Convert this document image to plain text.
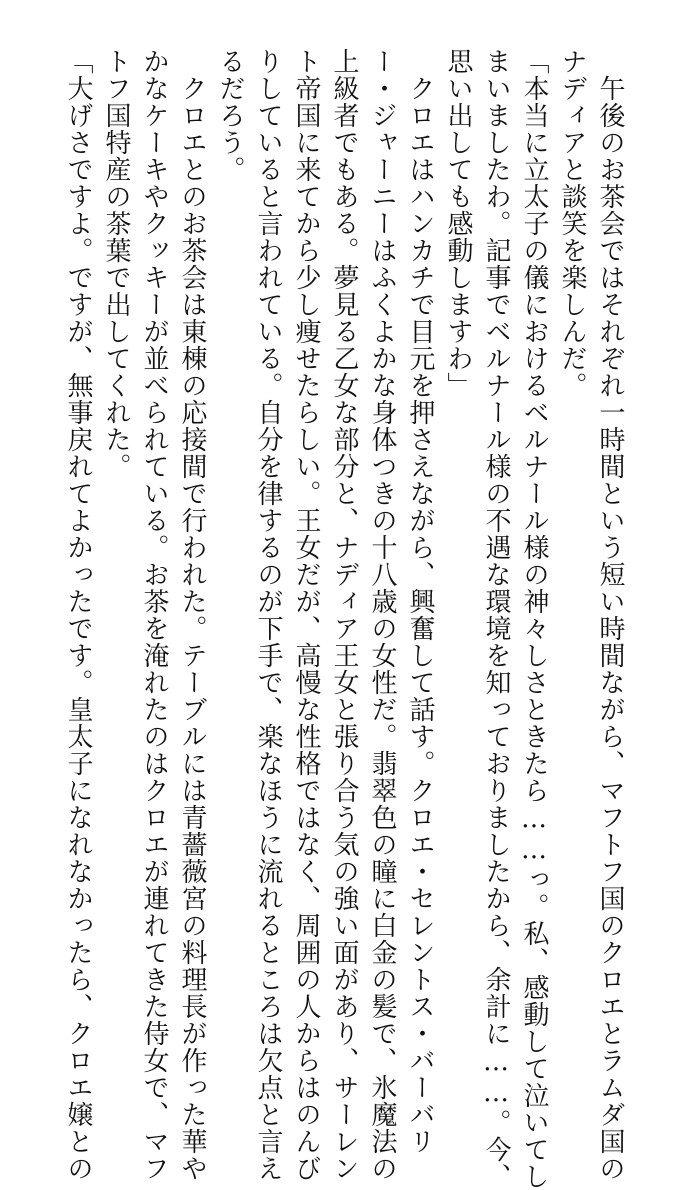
　午後のお茶会ではそれぞれ一時間という短い時間ながら、マフトフ国のクロエとラムダ国の
ナディアと談笑を楽しんだ。
「本当に立太子の儀におけるベルナール様の神々しさときたら……っ。私、感動して泣いてし
まいましたわ。記事でベルナール様の不遇な環境を知っておりましたから、余計に……。今、
思い出しても感動しますわ」
　クロエはハンカチで目元を押さえながら、興奮して話す。クロエ・セレントス・バーバリ
ー・ジャーニーはふくよかな身体つきの十八歳の女性だ。翡翠色の瞳に白金の髪で、氷魔法の
上級者でもある。夢見る乙女な部分と、ナディア王女と張り合う気の強い面があり、サーレン
ト帝国に来てから少し痩せたらしい。王女だが、高慢な性格ではなく、周囲の人からはのんび
りしていると言われている。自分を律するのが下手で、楽なほうに流れるところは欠点と言え
るだろう。
　クロエとのお茶会は東棟の応接間で行われた。テーブルには青薔薇宮の料理長が作った華や
かなケーキやクッキーが並べられている。お茶を淹れたのはクロエが連れてきた侍女で、マフ
トフ国特産の茶葉で出してくれた。
「大げさですよ。ですが、無事戻れてよかったです。皇太子になれなかったら、クロエ嬢との
